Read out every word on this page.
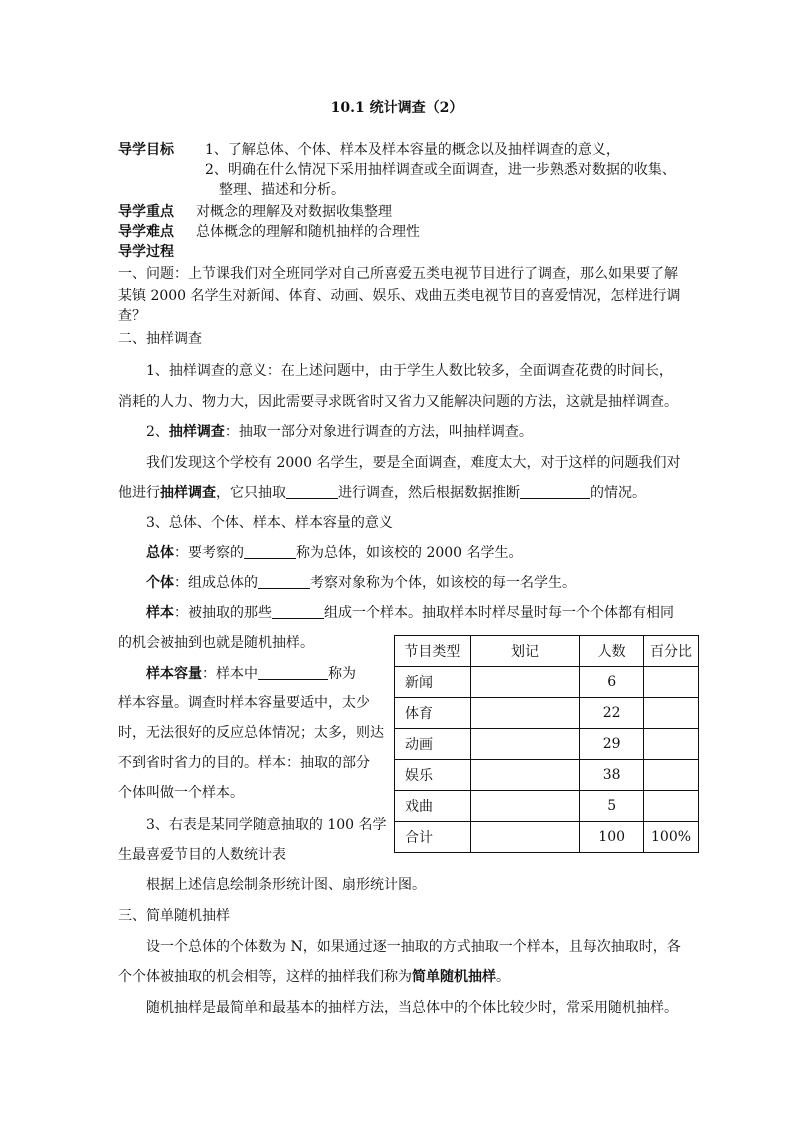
10.1 统计调查（2）
导学目标 1、了解总体、个体、样本及样本容量的概念以及抽样调查的意义，
2、明确在什么情况下采用抽样调查或全面调查，进一步熟悉对数据的收集、
整理、描述和分析。
导学重点 对概念的理解及对数据收集整理
导学难点 总体概念的理解和随机抽样的合理性
导学过程
一、问题：上节课我们对全班同学对自己所喜爱五类电视节目进行了调查，那么如果要了解
某镇 2000 名学生对新闻、体育、动画、娱乐、戏曲五类电视节目的喜爱情况，怎样进行调
查？
二、抽样调查
1、抽样调查的意义：在上述问题中，由于学生人数比较多，全面调查花费的时间长，
消耗的人力、物力大，因此需要寻求既省时又省力又能解决问题的方法，这就是抽样调查。
2、抽样调查：抽取一部分对象进行调查的方法，叫抽样调查。
我们发现这个学校有 2000 名学生，要是全面调查，难度太大，对于这样的问题我们对
他进行抽样调查，它只抽取	进行调查，然后根据数据推断	的情况。
3、总体、个体、样本、样本容量的意义
总体：要考察的	称为总体，如该校的 2000 名学生。
个体：组成总体的	考察对象称为个体，如该校的每一名学生。
样本：被抽取的那些	组成一个样本。抽取样本时样尽量时每一个个体都有相同
的机会被抽到也就是随机抽样。
样本容量：样本中	称为
样本容量。调查时样本容量要适中，太少
时，无法很好的反应总体情况；太多，则达
不到省时省力的目的。样本：抽取的部分
个体叫做一个样本。
3、右表是某同学随意抽取的 100 名学
生最喜爱节目的人数统计表
根据上述信息绘制条形统计图、扇形统计图。
节目类型	划记	人数	百分比
新闻		6	
体育		22	
动画		29	
娱乐		38	
戏曲		5	
合计		100	100%
三、简单随机抽样
设一个总体的个体数为 N，如果通过逐一抽取的方式抽取一个样本，且每次抽取时，各
个个体被抽取的机会相等，这样的抽样我们称为简单随机抽样。
随机抽样是最简单和最基本的抽样方法，当总体中的个体比较少时，常采用随机抽样。
